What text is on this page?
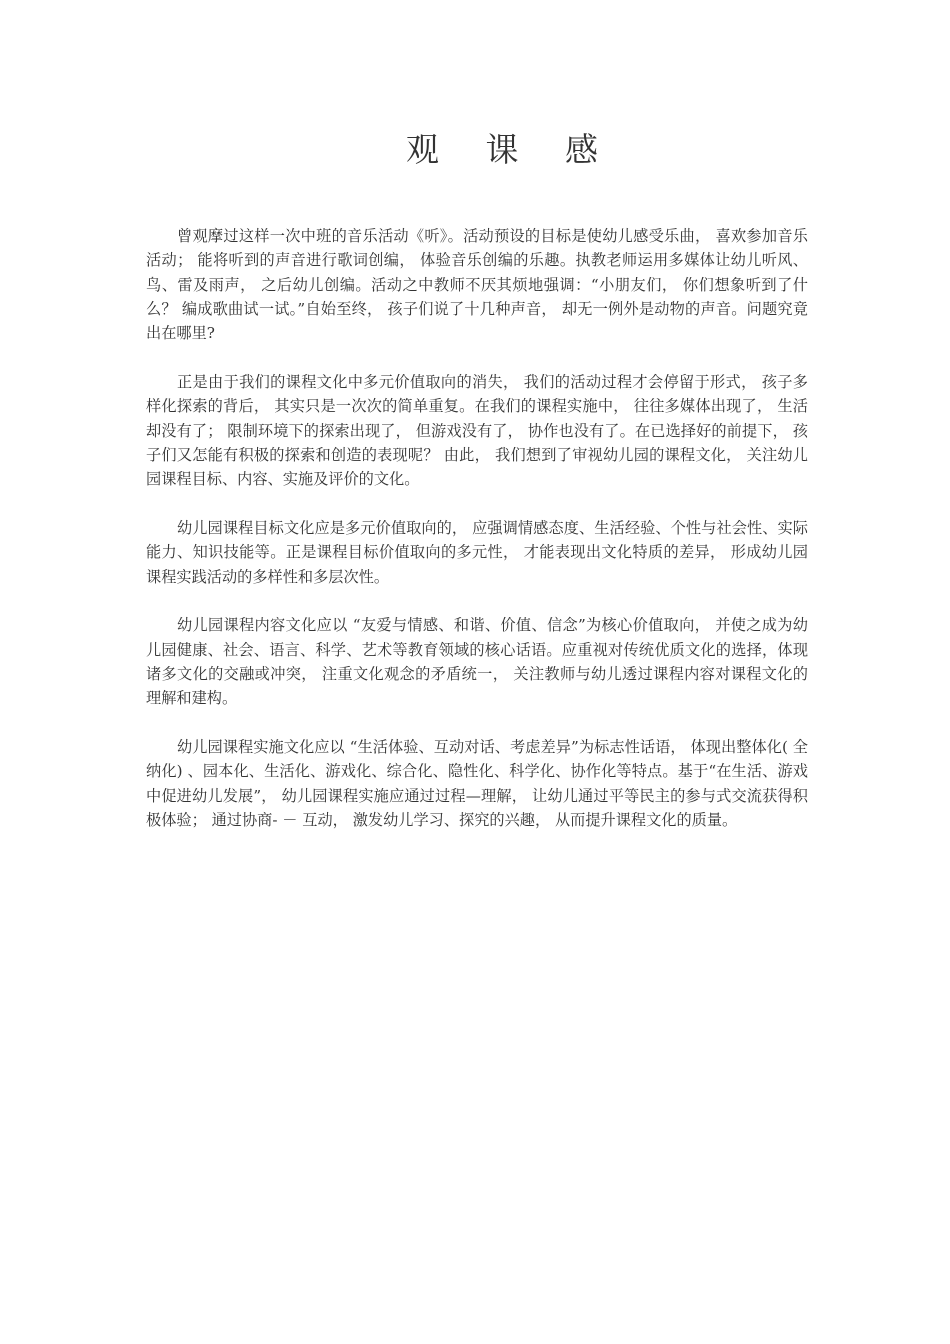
观 课 感

曾观摩过这样一次中班的音乐活动《听》。活动预设的目标是使幼儿感受乐曲， 喜欢参加音乐活动； 能将听到的声音进行歌词创编， 体验音乐创编的乐趣。执教老师运用多媒体让幼儿听风、鸟、雷及雨声， 之后幼儿创编。活动之中教师不厌其烦地强调：“小朋友们， 你们想象听到了什么？ 编成歌曲试一试。”自始至终， 孩子们说了十几种声音， 却无一例外是动物的声音。问题究竟出在哪里?

正是由于我们的课程文化中多元价值取向的消失， 我们的活动过程才会停留于形式， 孩子多样化探索的背后， 其实只是一次次的简单重复。在我们的课程实施中， 往往多媒体出现了， 生活却没有了； 限制环境下的探索出现了， 但游戏没有了， 协作也没有了。在已选择好的前提下， 孩子们又怎能有积极的探索和创造的表现呢？ 由此， 我们想到了审视幼儿园的课程文化， 关注幼儿园课程目标、内容、实施及评价的文化。

幼儿园课程目标文化应是多元价值取向的， 应强调情感态度、生活经验、个性与社会性、实际能力、知识技能等。正是课程目标价值取向的多元性， 才能表现出文化特质的差异， 形成幼儿园课程实践活动的多样性和多层次性。

幼儿园课程内容文化应以 “友爱与情感、和谐、价值、信念”为核心价值取向， 并使之成为幼儿园健康、社会、语言、科学、艺术等教育领域的核心话语。应重视对传统优质文化的选择，体现诸多文化的交融或冲突， 注重文化观念的矛盾统一， 关注教师与幼儿透过课程内容对课程文化的理解和建构。

幼儿园课程实施文化应以 “生活体验、互动对话、考虑差异”为标志性话语， 体现出整体化( 全纳化) 、园本化、生活化、游戏化、综合化、隐性化、科学化、协作化等特点。基于“在生活、游戏中促进幼儿发展”， 幼儿园课程实施应通过过程—理解， 让幼儿通过平等民主的参与式交流获得积极体验； 通过协商- － 互动， 激发幼儿学习、探究的兴趣， 从而提升课程文化的质量。
